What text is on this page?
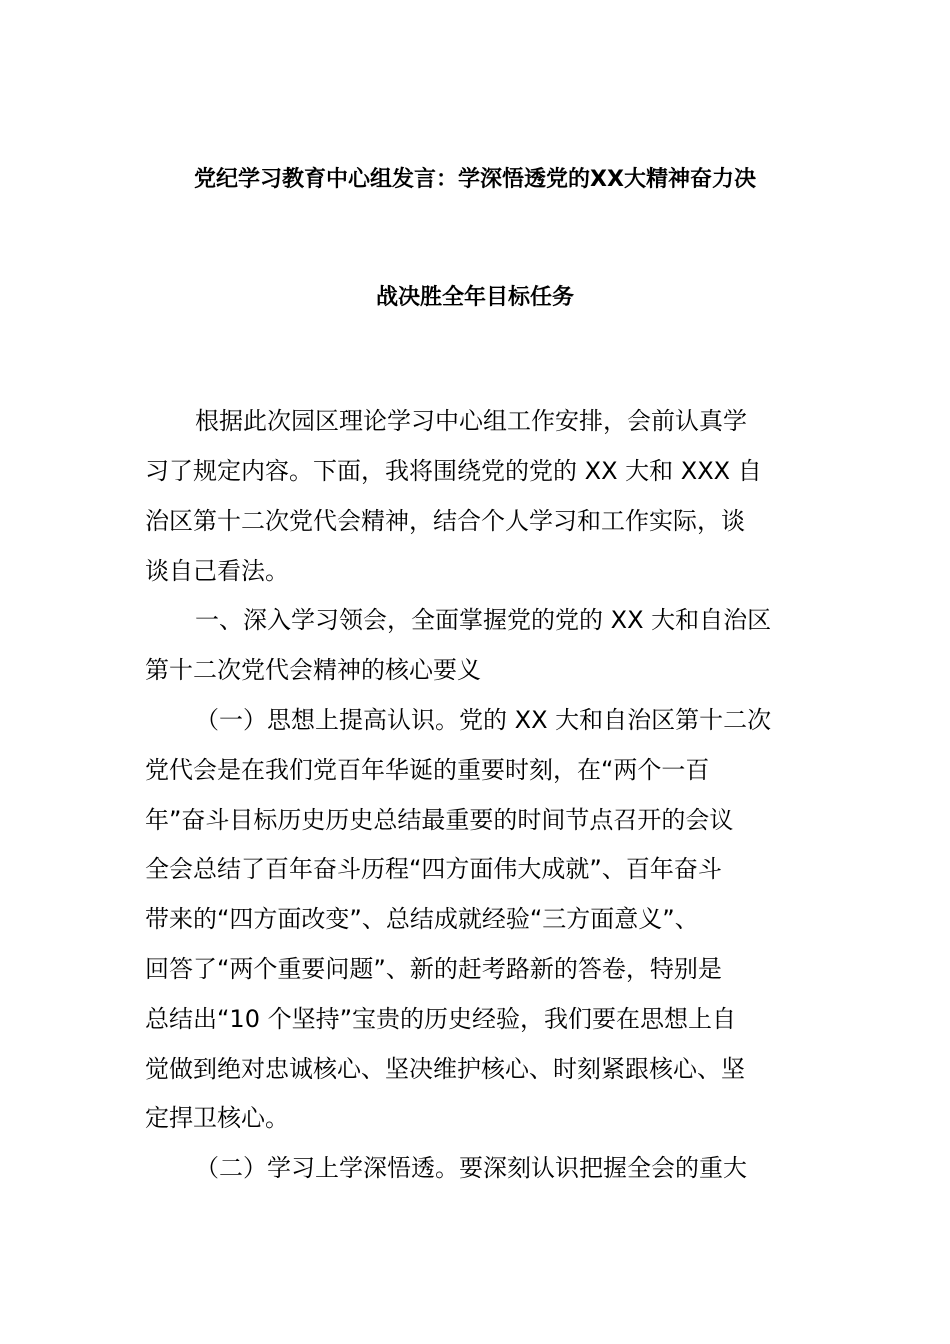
党纪学习教育中心组发言：学深悟透党的XX大精神奋力决
战决胜全年目标任务
根据此次园区理论学习中心组工作安排，会前认真学
习了规定内容。下面，我将围绕党的党的 XX 大和 XXX 自
治区第十二次党代会精神，结合个人学习和工作实际，谈
谈自己看法。
一、深入学习领会，全面掌握党的党的 XX 大和自治区
第十二次党代会精神的核心要义
（一）思想上提高认识。党的 XX 大和自治区第十二次
党代会是在我们党百年华诞的重要时刻，在“两个一百
年”奋斗目标历史历史总结最重要的时间节点召开的会议
全会总结了百年奋斗历程“四方面伟大成就”、百年奋斗
带来的“四方面改变”、总结成就经验“三方面意义”、
回答了“两个重要问题”、新的赶考路新的答卷，特别是
总结出“10 个坚持”宝贵的历史经验，我们要在思想上自
觉做到绝对忠诚核心、坚决维护核心、时刻紧跟核心、坚
定捍卫核心。
（二）学习上学深悟透。要深刻认识把握全会的重大
